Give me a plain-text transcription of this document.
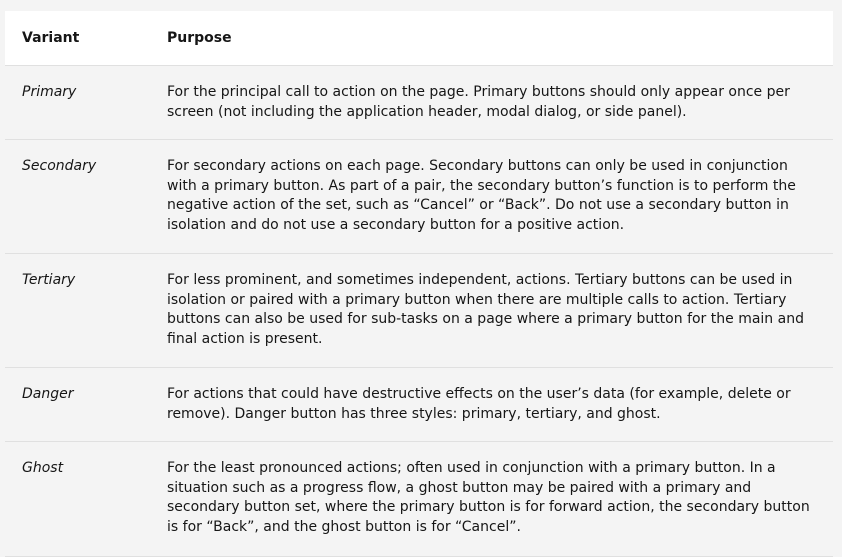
Variant	Purpose
Primary	For the principal call to action on the page. Primary buttons should only appear once per screen (not including the application header, modal dialog, or side panel).
Secondary	For secondary actions on each page. Secondary buttons can only be used in conjunction with a primary button. As part of a pair, the secondary button’s function is to perform the negative action of the set, such as “Cancel” or “Back”. Do not use a secondary button in isolation and do not use a secondary button for a positive action.
Tertiary	For less prominent, and sometimes independent, actions. Tertiary buttons can be used in isolation or paired with a primary button when there are multiple calls to action. Tertiary buttons can also be used for sub-tasks on a page where a primary button for the main and final action is present.
Danger	For actions that could have destructive effects on the user’s data (for example, delete or remove). Danger button has three styles: primary, tertiary, and ghost.
Ghost	For the least pronounced actions; often used in conjunction with a primary button. In a situation such as a progress flow, a ghost button may be paired with a primary and secondary button set, where the primary button is for forward action, the secondary button is for “Back”, and the ghost button is for “Cancel”.
